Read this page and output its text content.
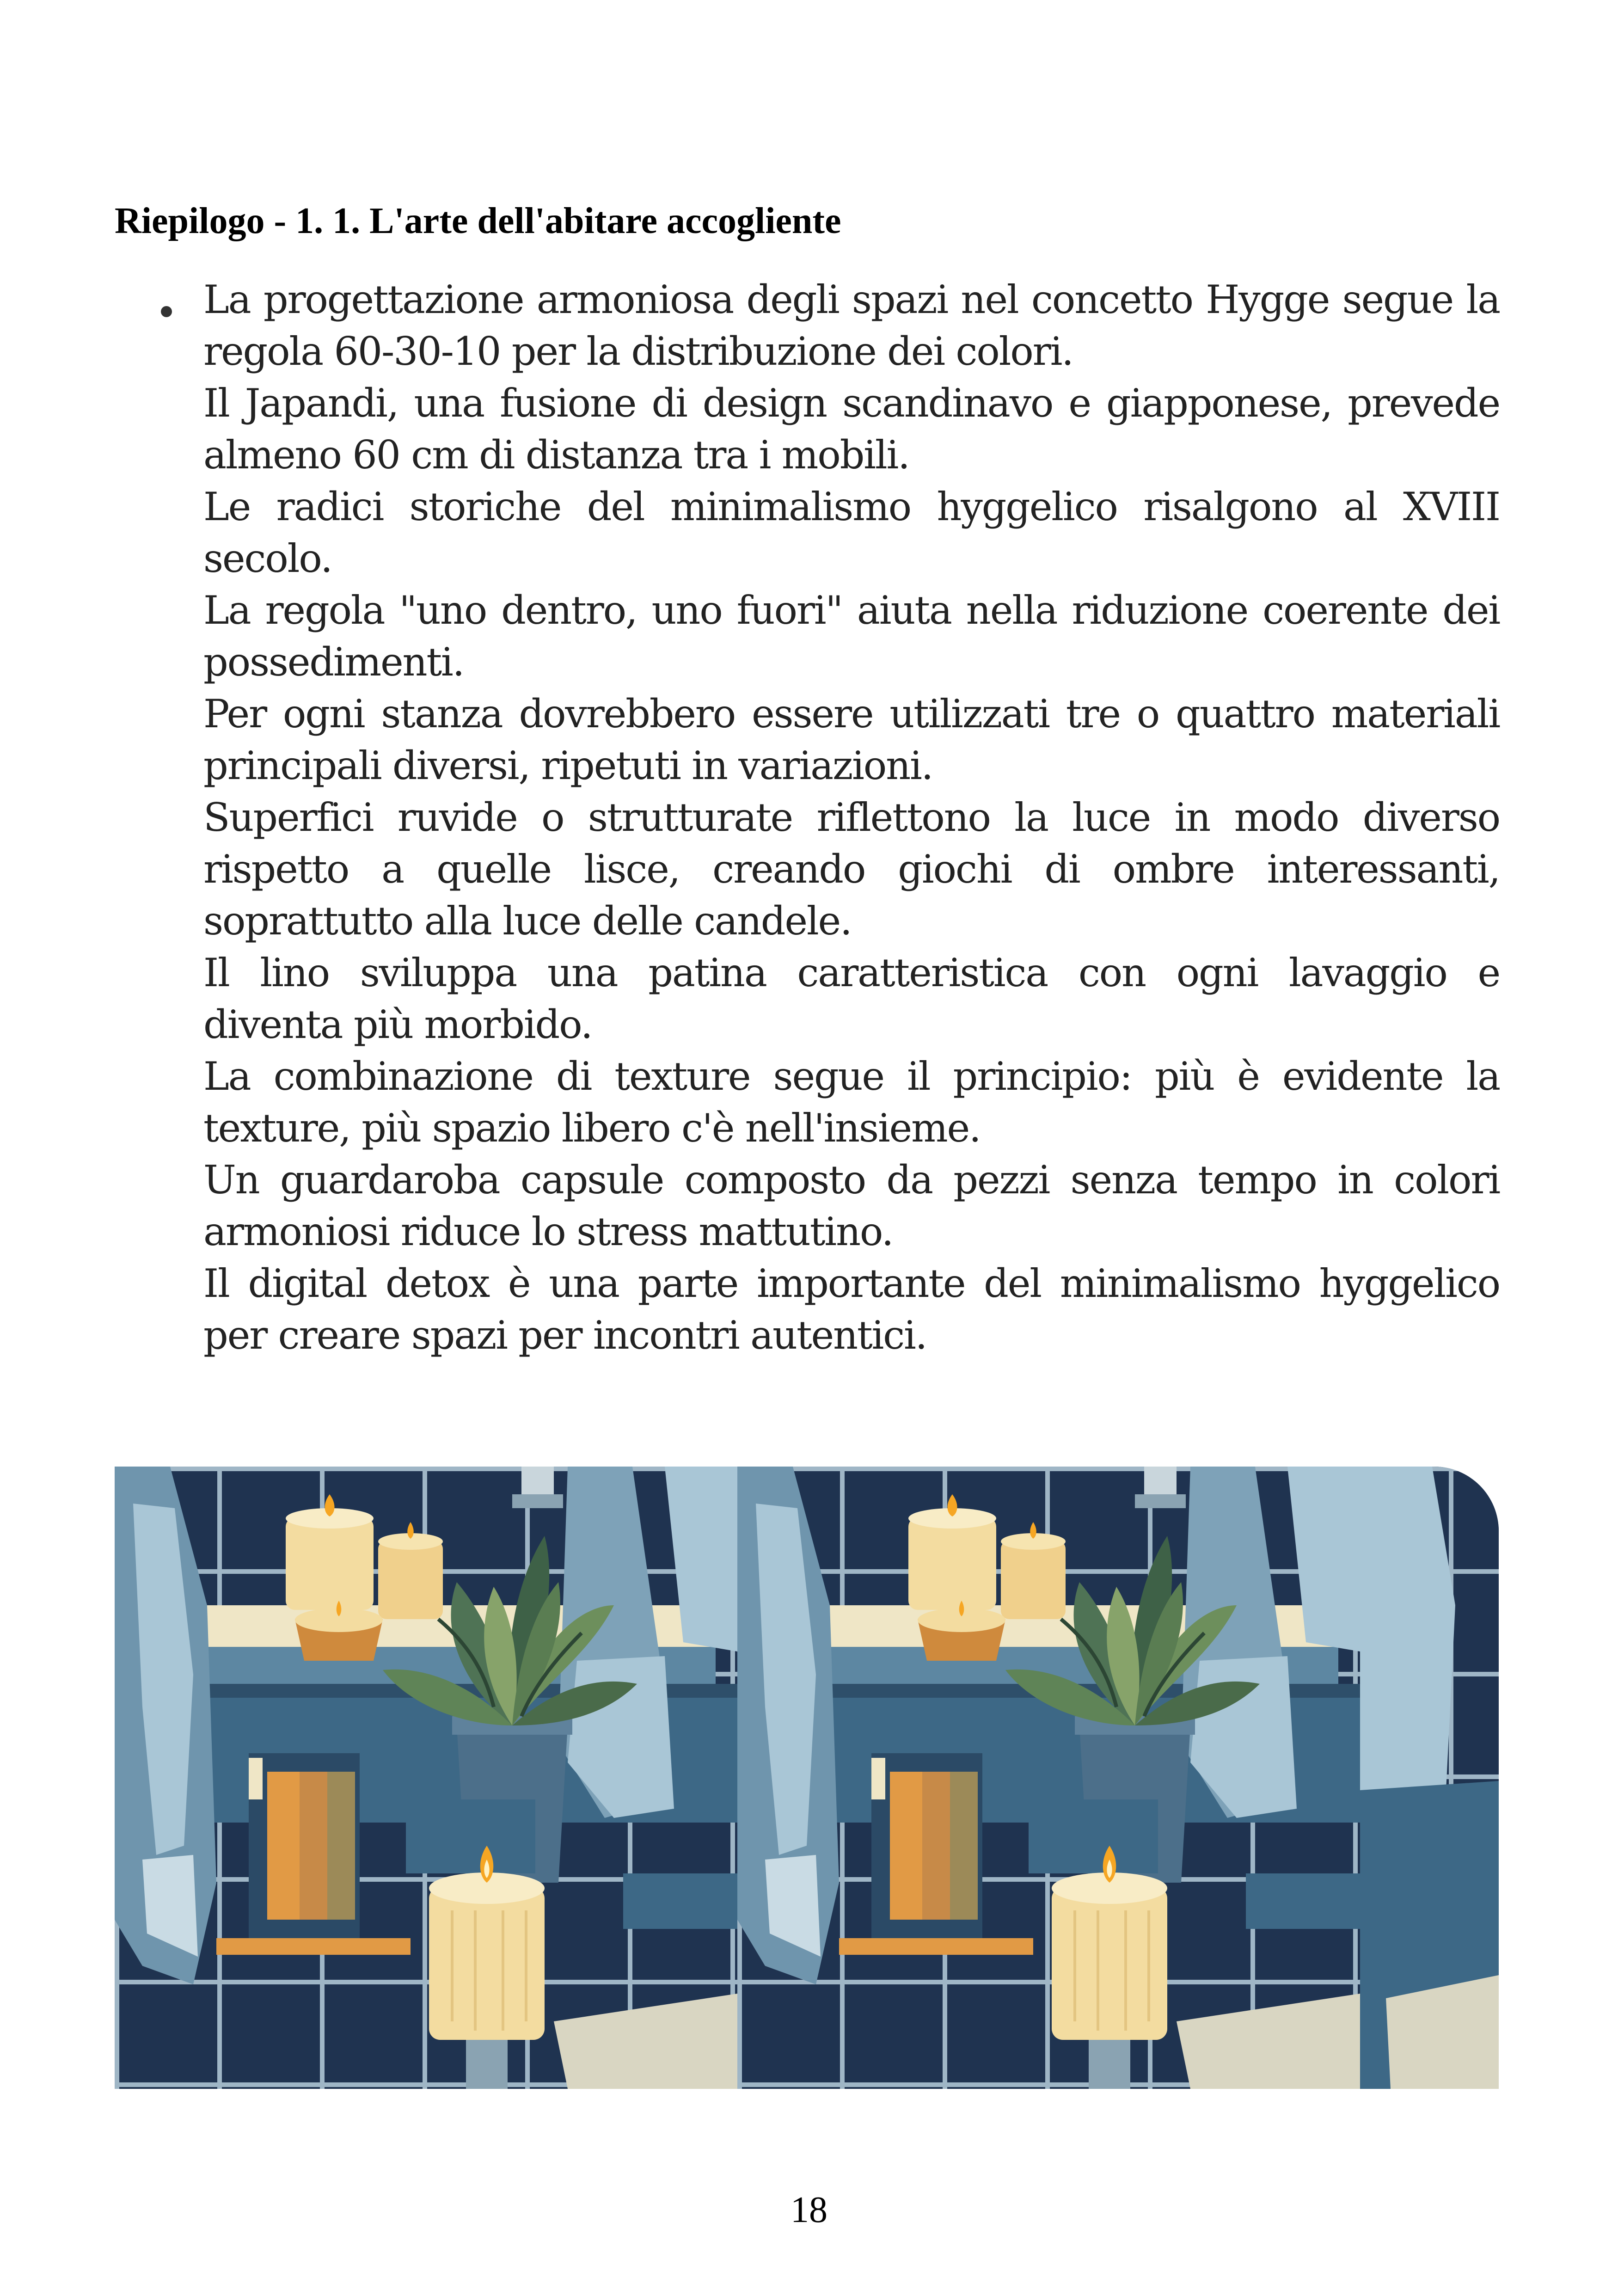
Riepilogo - 1. 1. L'arte dell'abitare accogliente

La progettazione armoniosa degli spazi nel concetto Hygge segue la
regola 60-30-10 per la distribuzione dei colori.
Il Japandi, una fusione di design scandinavo e giapponese, prevede
almeno 60 cm di distanza tra i mobili.
Le radici storiche del minimalismo hyggelico risalgono al XVIII
secolo.
La regola "uno dentro, uno fuori" aiuta nella riduzione coerente dei
possedimenti.
Per ogni stanza dovrebbero essere utilizzati tre o quattro materiali
principali diversi, ripetuti in variazioni.
Superfici ruvide o strutturate riflettono la luce in modo diverso
rispetto a quelle lisce, creando giochi di ombre interessanti,
soprattutto alla luce delle candele.
Il lino sviluppa una patina caratteristica con ogni lavaggio e
diventa più morbido.
La combinazione di texture segue il principio: più è evidente la
texture, più spazio libero c'è nell'insieme.
Un guardaroba capsule composto da pezzi senza tempo in colori
armoniosi riduce lo stress mattutino.
Il digital detox è una parte importante del minimalismo hyggelico
per creare spazi per incontri autentici.

18
